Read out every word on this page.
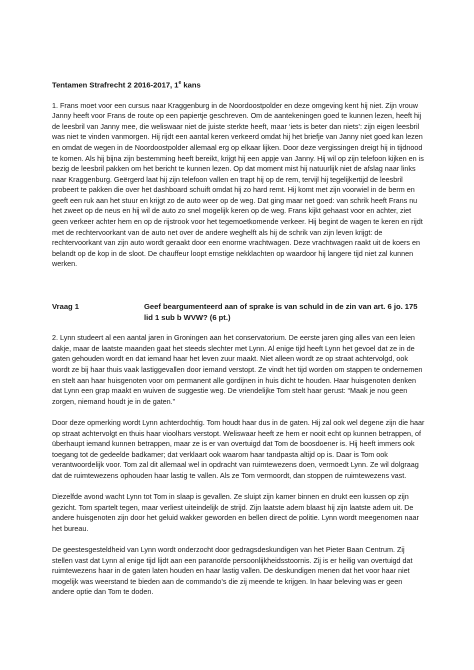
Tentamen Strafrecht 2 2016-2017, 1e kans

1. Frans moet voor een cursus naar Kraggenburg in de Noordoostpolder en deze omgeving kent hij niet. Zijn vrouw Janny heeft voor Frans de route op een papiertje geschreven. Om de aantekeningen goed te kunnen lezen, heeft hij de leesbril van Janny mee, die weliswaar niet de juiste sterkte heeft, maar ‘iets is beter dan niets’: zijn eigen leesbril was niet te vinden vanmorgen. Hij rijdt een aantal keren verkeerd omdat hij het briefje van Janny niet goed kan lezen en omdat de wegen in de Noordoostpolder allemaal erg op elkaar lijken. Door deze vergissingen dreigt hij in tijdnood te komen. Als hij bijna zijn bestemming heeft bereikt, krijgt hij een appje van Janny. Hij wil op zijn telefoon kijken en is bezig de leesbril pakken om het bericht te kunnen lezen. Op dat moment mist hij natuurlijk niet de afslag naar links naar Kraggenburg. Geërgerd laat hij zijn telefoon vallen en trapt hij op de rem, tervijl hij tegelijkertijd de leesbril probeert te pakken die over het dashboard schuift omdat hij zo hard remt. Hij komt met zijn voorwiel in de berm en geeft een ruk aan het stuur en krijgt zo de auto weer op de weg. Dat ging maar net goed: van schrik heeft Frans nu het zweet op de neus en hij wil de auto zo snel mogelijk keren op de weg. Frans kijkt gehaast voor en achter, ziet geen verkeer achter hem en op de rijstrook voor het tegemoetkomende verkeer. Hij begint de wagen te keren en rijdt met de rechtervoorkant van de auto net over de andere weghelft als hij de schrik van zijn leven krijgt: de rechtervoorkant van zijn auto wordt geraakt door een enorme vrachtwagen. Deze vrachtwagen raakt uit de koers en belandt op de kop in de sloot. De chauffeur loopt ernstige nekklachten op waardoor hij langere tijd niet zal kunnen werken.

Vraag 1	Geef beargumenteerd aan of sprake is van schuld in de zin van art. 6 jo. 175 lid 1 sub b WVW? (6 pt.)

2. Lynn studeert al een aantal jaren in Groningen aan het conservatorium. De eerste jaren ging alles van een leien dakje, maar de laatste maanden gaat het steeds slechter met Lynn. Al enige tijd heeft Lynn het gevoel dat ze in de gaten gehouden wordt en dat iemand haar het leven zuur maakt. Niet alleen wordt ze op straat achtervolgd, ook wordt ze bij haar thuis vaak lastiggevallen door iemand verstopt. Ze vindt het tijd worden om stappen te ondernemen en stelt aan haar huisgenoten voor om permanent alle gordijnen in huis dicht te houden. Haar huisgenoten denken dat Lynn een grap maakt en wuiven de suggestie weg. De vriendelijke Tom stelt haar gerust: “Maak je nou geen zorgen, niemand houdt je in de gaten.”

Door deze opmerking wordt Lynn achterdochtig. Tom houdt haar dus in de gaten. Hij zal ook wel degene zijn die haar op straat achtervolgt en thuis haar vioolhars verstopt. Weliswaar heeft ze hem er nooit echt op kunnen betrappen, of überhaupt iemand kunnen betrappen, maar ze is er van overtuigd dat Tom de boosdoener is. Hij heeft immers ook toegang tot de gedeelde badkamer; dat verklaart ook waarom haar tandpasta altijd op is. Daar is Tom ook verantwoordelijk voor. Tom zal dit allemaal wel in opdracht van ruimtewezens doen, vermoedt Lynn. Ze wil dolgraag dat de ruimtewezens ophouden haar lastig te vallen. Als ze Tom vermoordt, dan stoppen de ruimtewezens vast.

Diezelfde avond wacht Lynn tot Tom in slaap is gevallen. Ze sluipt zijn kamer binnen en drukt een kussen op zijn gezicht. Tom spartelt tegen, maar verliest uiteindelijk de strijd. Zijn laatste adem blaast hij zijn laatste adem uit. De andere huisgenoten zijn door het geluid wakker geworden en bellen direct de politie. Lynn wordt meegenomen naar het bureau.

De geestesgesteldheid van Lynn wordt onderzocht door gedragsdeskundigen van het Pieter Baan Centrum. Zij stellen vast dat Lynn al enige tijd lijdt aan een paranoïde persoonlijkheidsstoornis. Zij is er heilig van overtuigd dat ruimtewezens haar in de gaten laten houden en haar lastig vallen. De deskundigen menen dat het voor haar niet mogelijk was weerstand te bieden aan de commando’s die zij meende te krijgen. In haar beleving was er geen andere optie dan Tom te doden.
